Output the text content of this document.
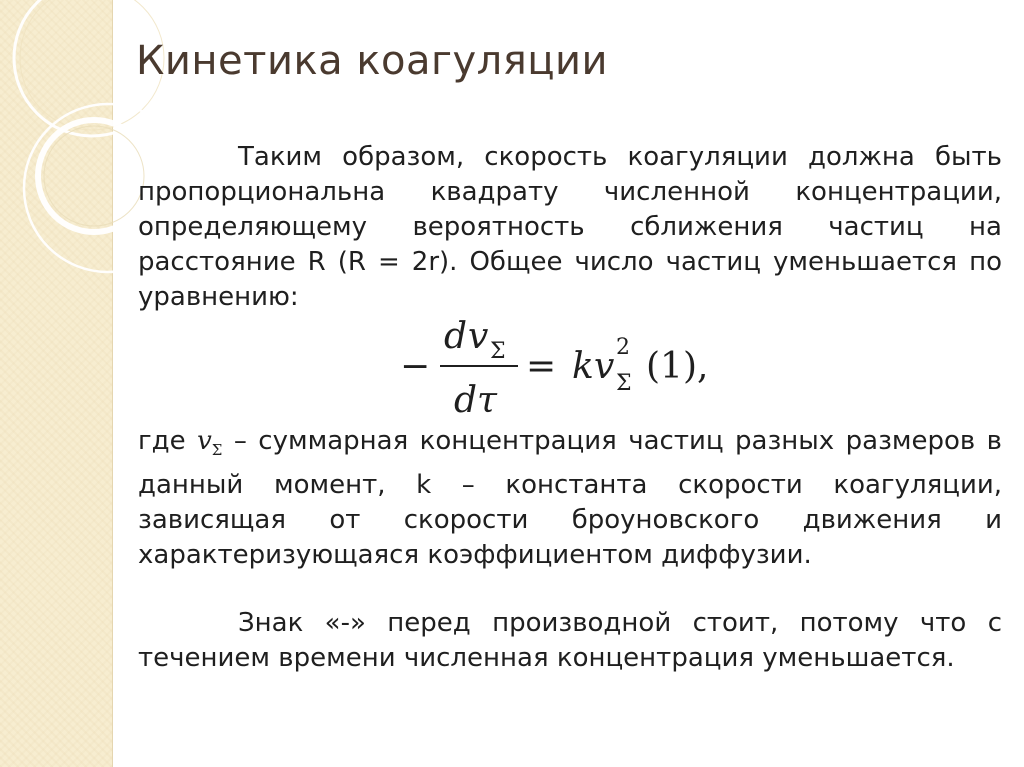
Кинетика коагуляции

Таким образом, скорость коагуляции должна быть пропорциональна квадрату численной концентрации, определяющему вероятность сближения частиц на расстояние R (R = 2r). Общее число частиц уменьшается по уравнению:

−
d v Σ
dτ
= k v 2
Σ (1),

где $v_\Sigma$ – суммарная концентрация частиц разных размеров в данный момент, k – константа скорости коагуляции, зависящая от скорости броуновского движения и характеризующаяся коэффициентом диффузии.

Знак «-» перед производной стоит, потому что с течением времени численная концентрация уменьшается.
